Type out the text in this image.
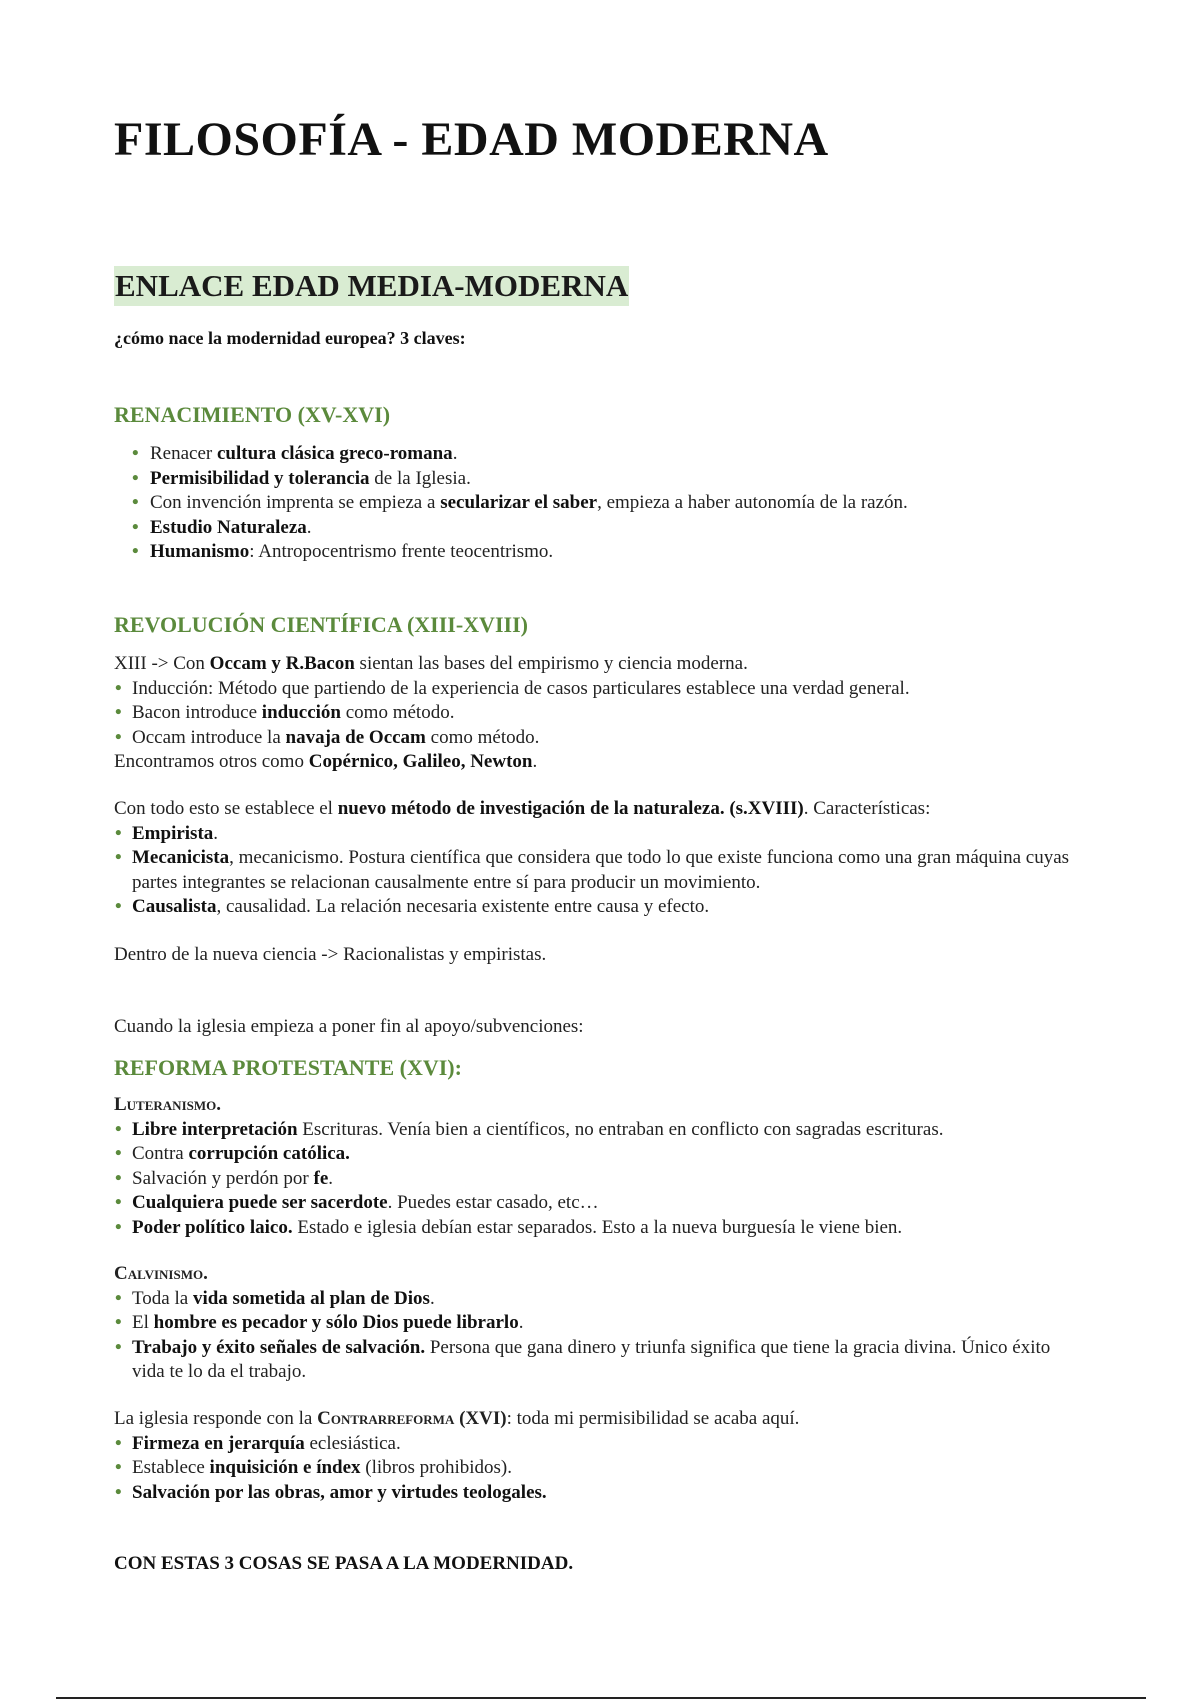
FILOSOFÍA - EDAD MODERNA
ENLACE EDAD MEDIA-MODERNA
¿cómo nace la modernidad europea? 3 claves:
RENACIMIENTO (XV-XVI)
• Renacer cultura clásica greco-romana.
• Permisibilidad y tolerancia de la Iglesia.
• Con invención imprenta se empieza a secularizar el saber, empieza a haber autonomía de la razón.
• Estudio Naturaleza.
• Humanismo: Antropocentrismo frente teocentrismo.
REVOLUCIÓN CIENTÍFICA (XIII-XVIII)
XIII -> Con Occam y R.Bacon sientan las bases del empirismo y ciencia moderna.
• Inducción: Método que partiendo de la experiencia de casos particulares establece una verdad general.
• Bacon introduce inducción como método.
• Occam introduce la navaja de Occam como método.
Encontramos otros como Copérnico, Galileo, Newton.
Con todo esto se establece el nuevo método de investigación de la naturaleza. (s.XVIII). Características:
• Empirista.
• Mecanicista, mecanicismo. Postura científica que considera que todo lo que existe funciona como una gran máquina cuyas partes integrantes se relacionan causalmente entre sí para producir un movimiento.
• Causalista, causalidad. La relación necesaria existente entre causa y efecto.
Dentro de la nueva ciencia -> Racionalistas y empiristas.
Cuando la iglesia empieza a poner fin al apoyo/subvenciones:
REFORMA PROTESTANTE (XVI):
Luteranismo.
• Libre interpretación Escrituras. Venía bien a científicos, no entraban en conflicto con sagradas escrituras.
• Contra corrupción católica.
• Salvación y perdón por fe.
• Cualquiera puede ser sacerdote. Puedes estar casado, etc…
• Poder político laico. Estado e iglesia debían estar separados. Esto a la nueva burguesía le viene bien.
Calvinismo.
• Toda la vida sometida al plan de Dios.
• El hombre es pecador y sólo Dios puede librarlo.
• Trabajo y éxito señales de salvación. Persona que gana dinero y triunfa significa que tiene la gracia divina. Único éxito vida te lo da el trabajo.
La iglesia responde con la Contrarreforma (XVI): toda mi permisibilidad se acaba aquí.
• Firmeza en jerarquía eclesiástica.
• Establece inquisición e índex (libros prohibidos).
• Salvación por las obras, amor y virtudes teologales.
CON ESTAS 3 COSAS SE PASA A LA MODERNIDAD.
